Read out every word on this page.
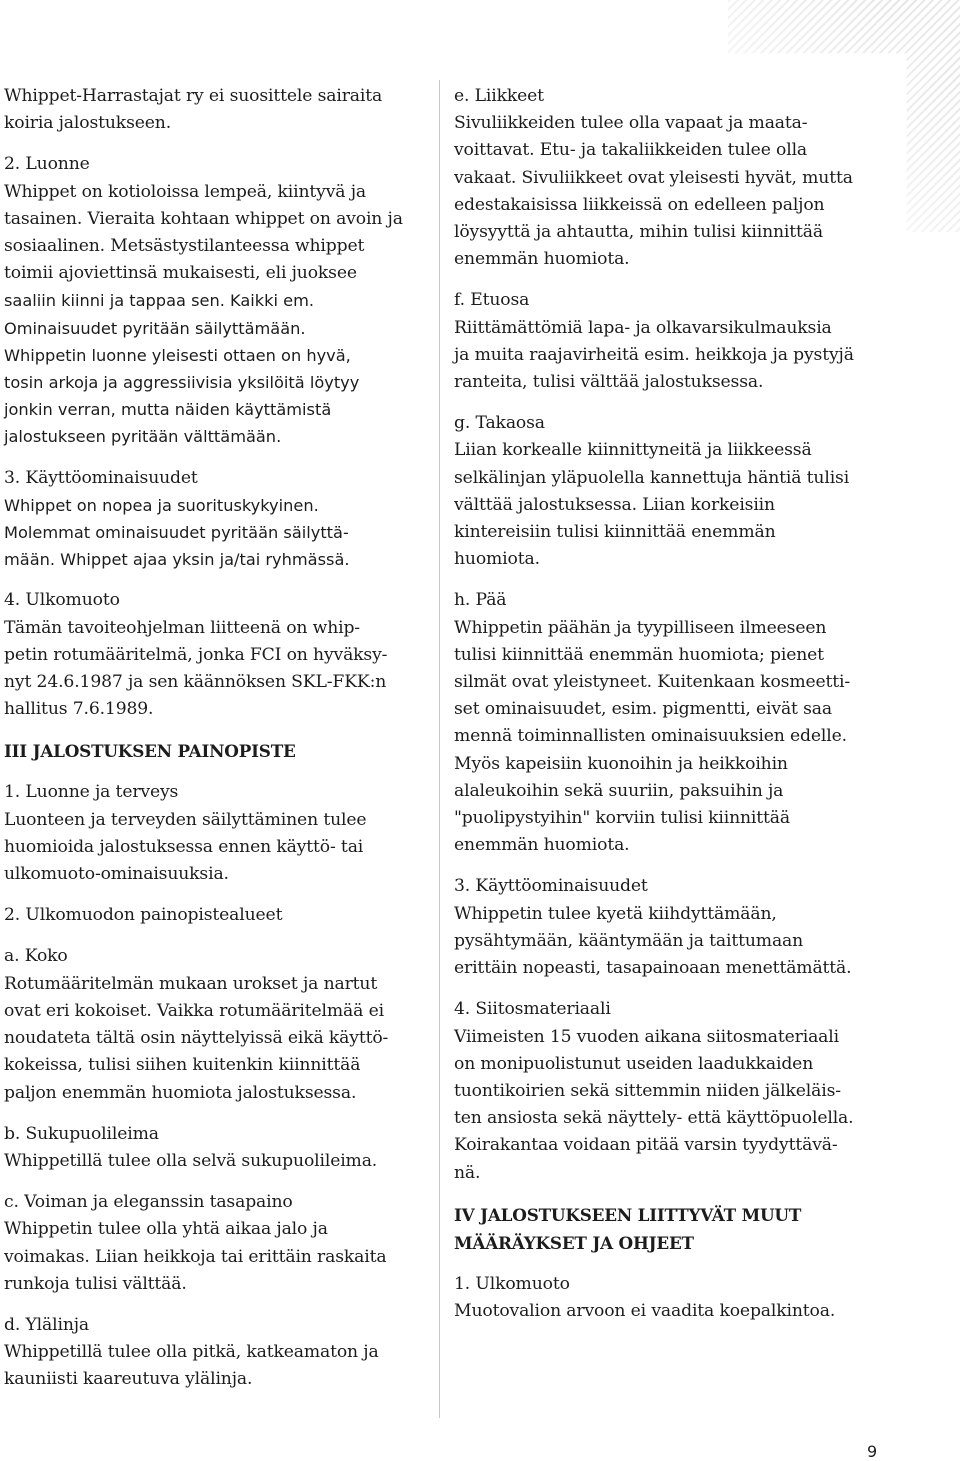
Whippet-Harrastajat ry ei suosittele sairaita
koiria jalostukseen.
2. Luonne
Whippet on kotioloissa lempeä, kiintyvä ja
tasainen. Vieraita kohtaan whippet on avoin ja
sosiaalinen. Metsästystilanteessa whippet
toimii ajoviettinsä mukaisesti, eli juoksee
saaliin kiinni ja tappaa sen. Kaikki em.
Ominaisuudet pyritään säilyttämään.
Whippetin luonne yleisesti ottaen on hyvä,
tosin arkoja ja aggressiivisia yksilöitä löytyy
jonkin verran, mutta näiden käyttämistä
jalostukseen pyritään välttämään.
3. Käyttöominaisuudet
Whippet on nopea ja suorituskykyinen.
Molemmat ominaisuudet pyritään säilyttä-
mään. Whippet ajaa yksin ja/tai ryhmässä.
4. Ulkomuoto
Tämän tavoiteohjelman liitteenä on whip-
petin rotumääritelmä, jonka FCI on hyväksy-
nyt 24.6.1987 ja sen käännöksen SKL-FKK:n
hallitus 7.6.1989.
III JALOSTUKSEN PAINOPISTE
1. Luonne ja terveys
Luonteen ja terveyden säilyttäminen tulee
huomioida jalostuksessa ennen käyttö- tai
ulkomuoto-ominaisuuksia.
2. Ulkomuodon painopistealueet
a. Koko
Rotumääritelmän mukaan urokset ja nartut
ovat eri kokoiset. Vaikka rotumääritelmää ei
noudateta tältä osin näyttelyissä eikä käyttö-
kokeissa, tulisi siihen kuitenkin kiinnittää
paljon enemmän huomiota jalostuksessa.
b. Sukupuolileima
Whippetillä tulee olla selvä sukupuolileima.
c. Voiman ja eleganssin tasapaino
Whippetin tulee olla yhtä aikaa jalo ja
voimakas. Liian heikkoja tai erittäin raskaita
runkoja tulisi välttää.
d. Ylälinja
Whippetillä tulee olla pitkä, katkeamaton ja
kauniisti kaareutuva ylälinja.
e. Liikkeet
Sivuliikkeiden tulee olla vapaat ja maata-
voittavat. Etu- ja takaliikkeiden tulee olla
vakaat. Sivuliikkeet ovat yleisesti hyvät, mutta
edestakaisissa liikkeissä on edelleen paljon
löysyyttä ja ahtautta, mihin tulisi kiinnittää
enemmän huomiota.
f. Etuosa
Riittämättömiä lapa- ja olkavarsikulmauksia
ja muita raajavirheitä esim. heikkoja ja pystyjä
ranteita, tulisi välttää jalostuksessa.
g. Takaosa
Liian korkealle kiinnittyneitä ja liikkeessä
selkälinjan yläpuolella kannettuja häntiä tulisi
välttää jalostuksessa. Liian korkeisiin
kintereisiin tulisi kiinnittää enemmän
huomiota.
h. Pää
Whippetin päähän ja tyypilliseen ilmeeseen
tulisi kiinnittää enemmän huomiota; pienet
silmät ovat yleistyneet. Kuitenkaan kosmeetti-
set ominaisuudet, esim. pigmentti, eivät saa
mennä toiminnallisten ominaisuuksien edelle.
Myös kapeisiin kuonoihin ja heikkoihin
alaleukoihin sekä suuriin, paksuihin ja
"puolipystyihin" korviin tulisi kiinnittää
enemmän huomiota.
3. Käyttöominaisuudet
Whippetin tulee kyetä kiihdyttämään,
pysähtymään, kääntymään ja taittumaan
erittäin nopeasti, tasapainoaan menettämättä.
4. Siitosmateriaali
Viimeisten 15 vuoden aikana siitosmateriaali
on monipuolistunut useiden laadukkaiden
tuontikoirien sekä sittemmin niiden jälkeläis-
ten ansiosta sekä näyttely- että käyttöpuolella.
Koirakantaa voidaan pitää varsin tyydyttävä-
nä.
IV JALOSTUKSEEN LIITTYVÄT MUUT
MÄÄRÄYKSET JA OHJEET
1. Ulkomuoto
Muotovalion arvoon ei vaadita koepalkintoa.
9
